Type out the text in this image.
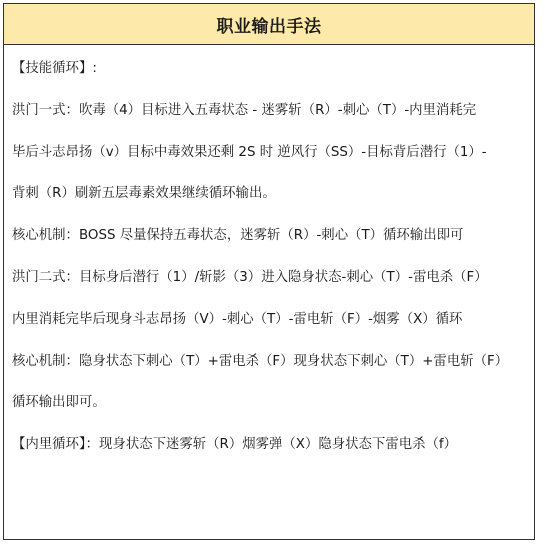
职业输出手法
【技能循环】:
洪门一式：吹毒（4）目标进入五毒状态 - 迷雾斩（R）-刺心（T）-内里消耗完
毕后斗志昂扬（v）目标中毒效果还剩 2S 时 逆风行（SS）-目标背后潜行（1）-
背刺（R）刷新五层毒素效果继续循环输出。
核心机制：BOSS 尽量保持五毒状态，迷雾斩（R）-刺心（T）循环输出即可
洪门二式：目标身后潜行（1）/斩影（3）进入隐身状态-刺心（T）-雷电杀（F）
内里消耗完毕后现身斗志昂扬（V）-刺心（T）-雷电斩（F）-烟雾（X）循环
核心机制：隐身状态下刺心（T）+雷电杀（F）现身状态下刺心（T）+雷电斩（F）
循环输出即可。
【内里循环】：现身状态下迷雾斩（R）烟雾弹（X）隐身状态下雷电杀（f）
